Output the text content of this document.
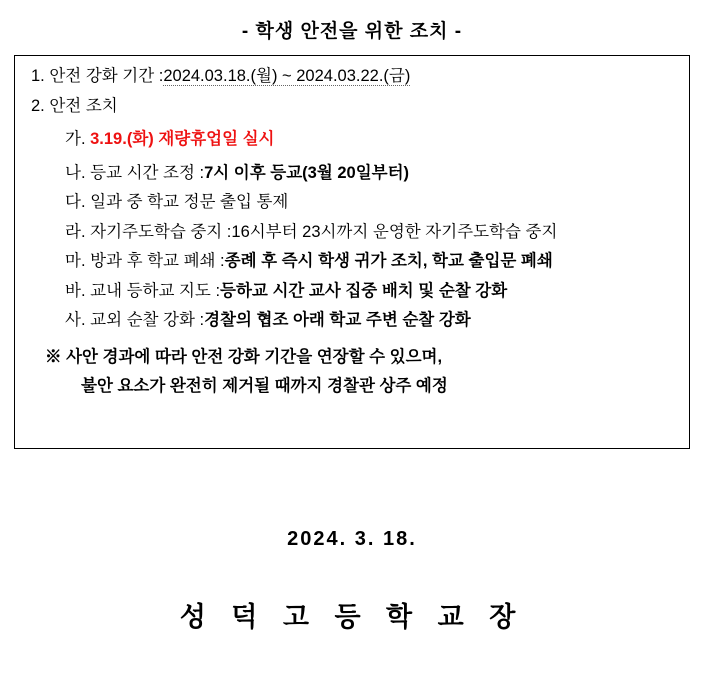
- 학생 안전을 위한 조치 -
1. 안전 강화 기간 :2024.03.18.(월) ~ 2024.03.22.(금)
2. 안전 조치
가. 3.19.(화) 재량휴업일 실시
나. 등교 시간 조정 :7시 이후 등교(3월 20일부터)
다. 일과 중 학교 정문 출입 통제
라. 자기주도학습 중지 :16시부터 23시까지 운영한 자기주도학습 중지
마. 방과 후 학교 폐쇄 :종례 후 즉시 학생 귀가 조치, 학교 출입문 폐쇄
바. 교내 등하교 지도 :등하교 시간 교사 집중 배치 및 순찰 강화
사. 교외 순찰 강화 :경찰의 협조 아래 학교 주변 순찰 강화
※ 사안 경과에 따라 안전 강화 기간을 연장할 수 있으며,
불안 요소가 완전히 제거될 때까지 경찰관 상주 예정
2024. 3. 18.
성 덕 고 등 학 교 장
